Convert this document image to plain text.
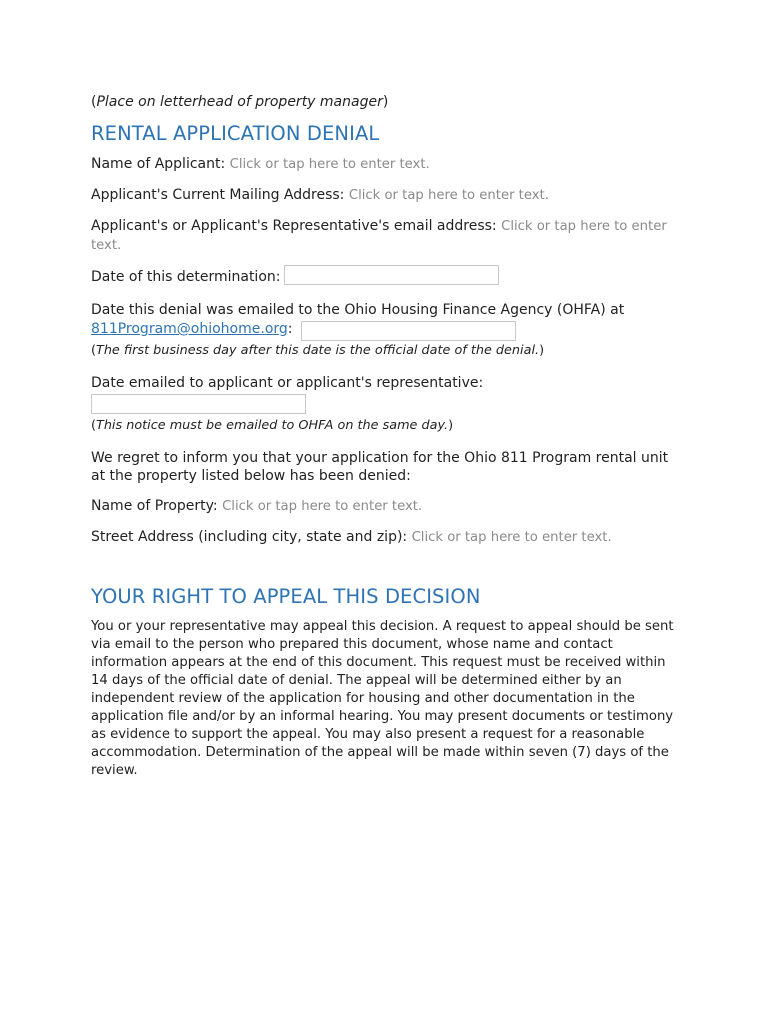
(Place on letterhead of property manager)

RENTAL APPLICATION DENIAL

Name of Applicant: Click or tap here to enter text.

Applicant's Current Mailing Address: Click or tap here to enter text.

Applicant's or Applicant's Representative's email address: Click or tap here to enter text.

Date of this determination:

Date this denial was emailed to the Ohio Housing Finance Agency (OHFA) at 811Program@ohiohome.org:

(The first business day after this date is the official date of the denial.)

Date emailed to applicant or applicant's representative:

(This notice must be emailed to OHFA on the same day.)

We regret to inform you that your application for the Ohio 811 Program rental unit at the property listed below has been denied:

Name of Property: Click or tap here to enter text.

Street Address (including city, state and zip): Click or tap here to enter text.

YOUR RIGHT TO APPEAL THIS DECISION

You or your representative may appeal this decision. A request to appeal should be sent via email to the person who prepared this document, whose name and contact information appears at the end of this document. This request must be received within 14 days of the official date of denial. The appeal will be determined either by an independent review of the application for housing and other documentation in the application file and/or by an informal hearing. You may present documents or testimony as evidence to support the appeal. You may also present a request for a reasonable accommodation. Determination of the appeal will be made within seven (7) days of the review.
